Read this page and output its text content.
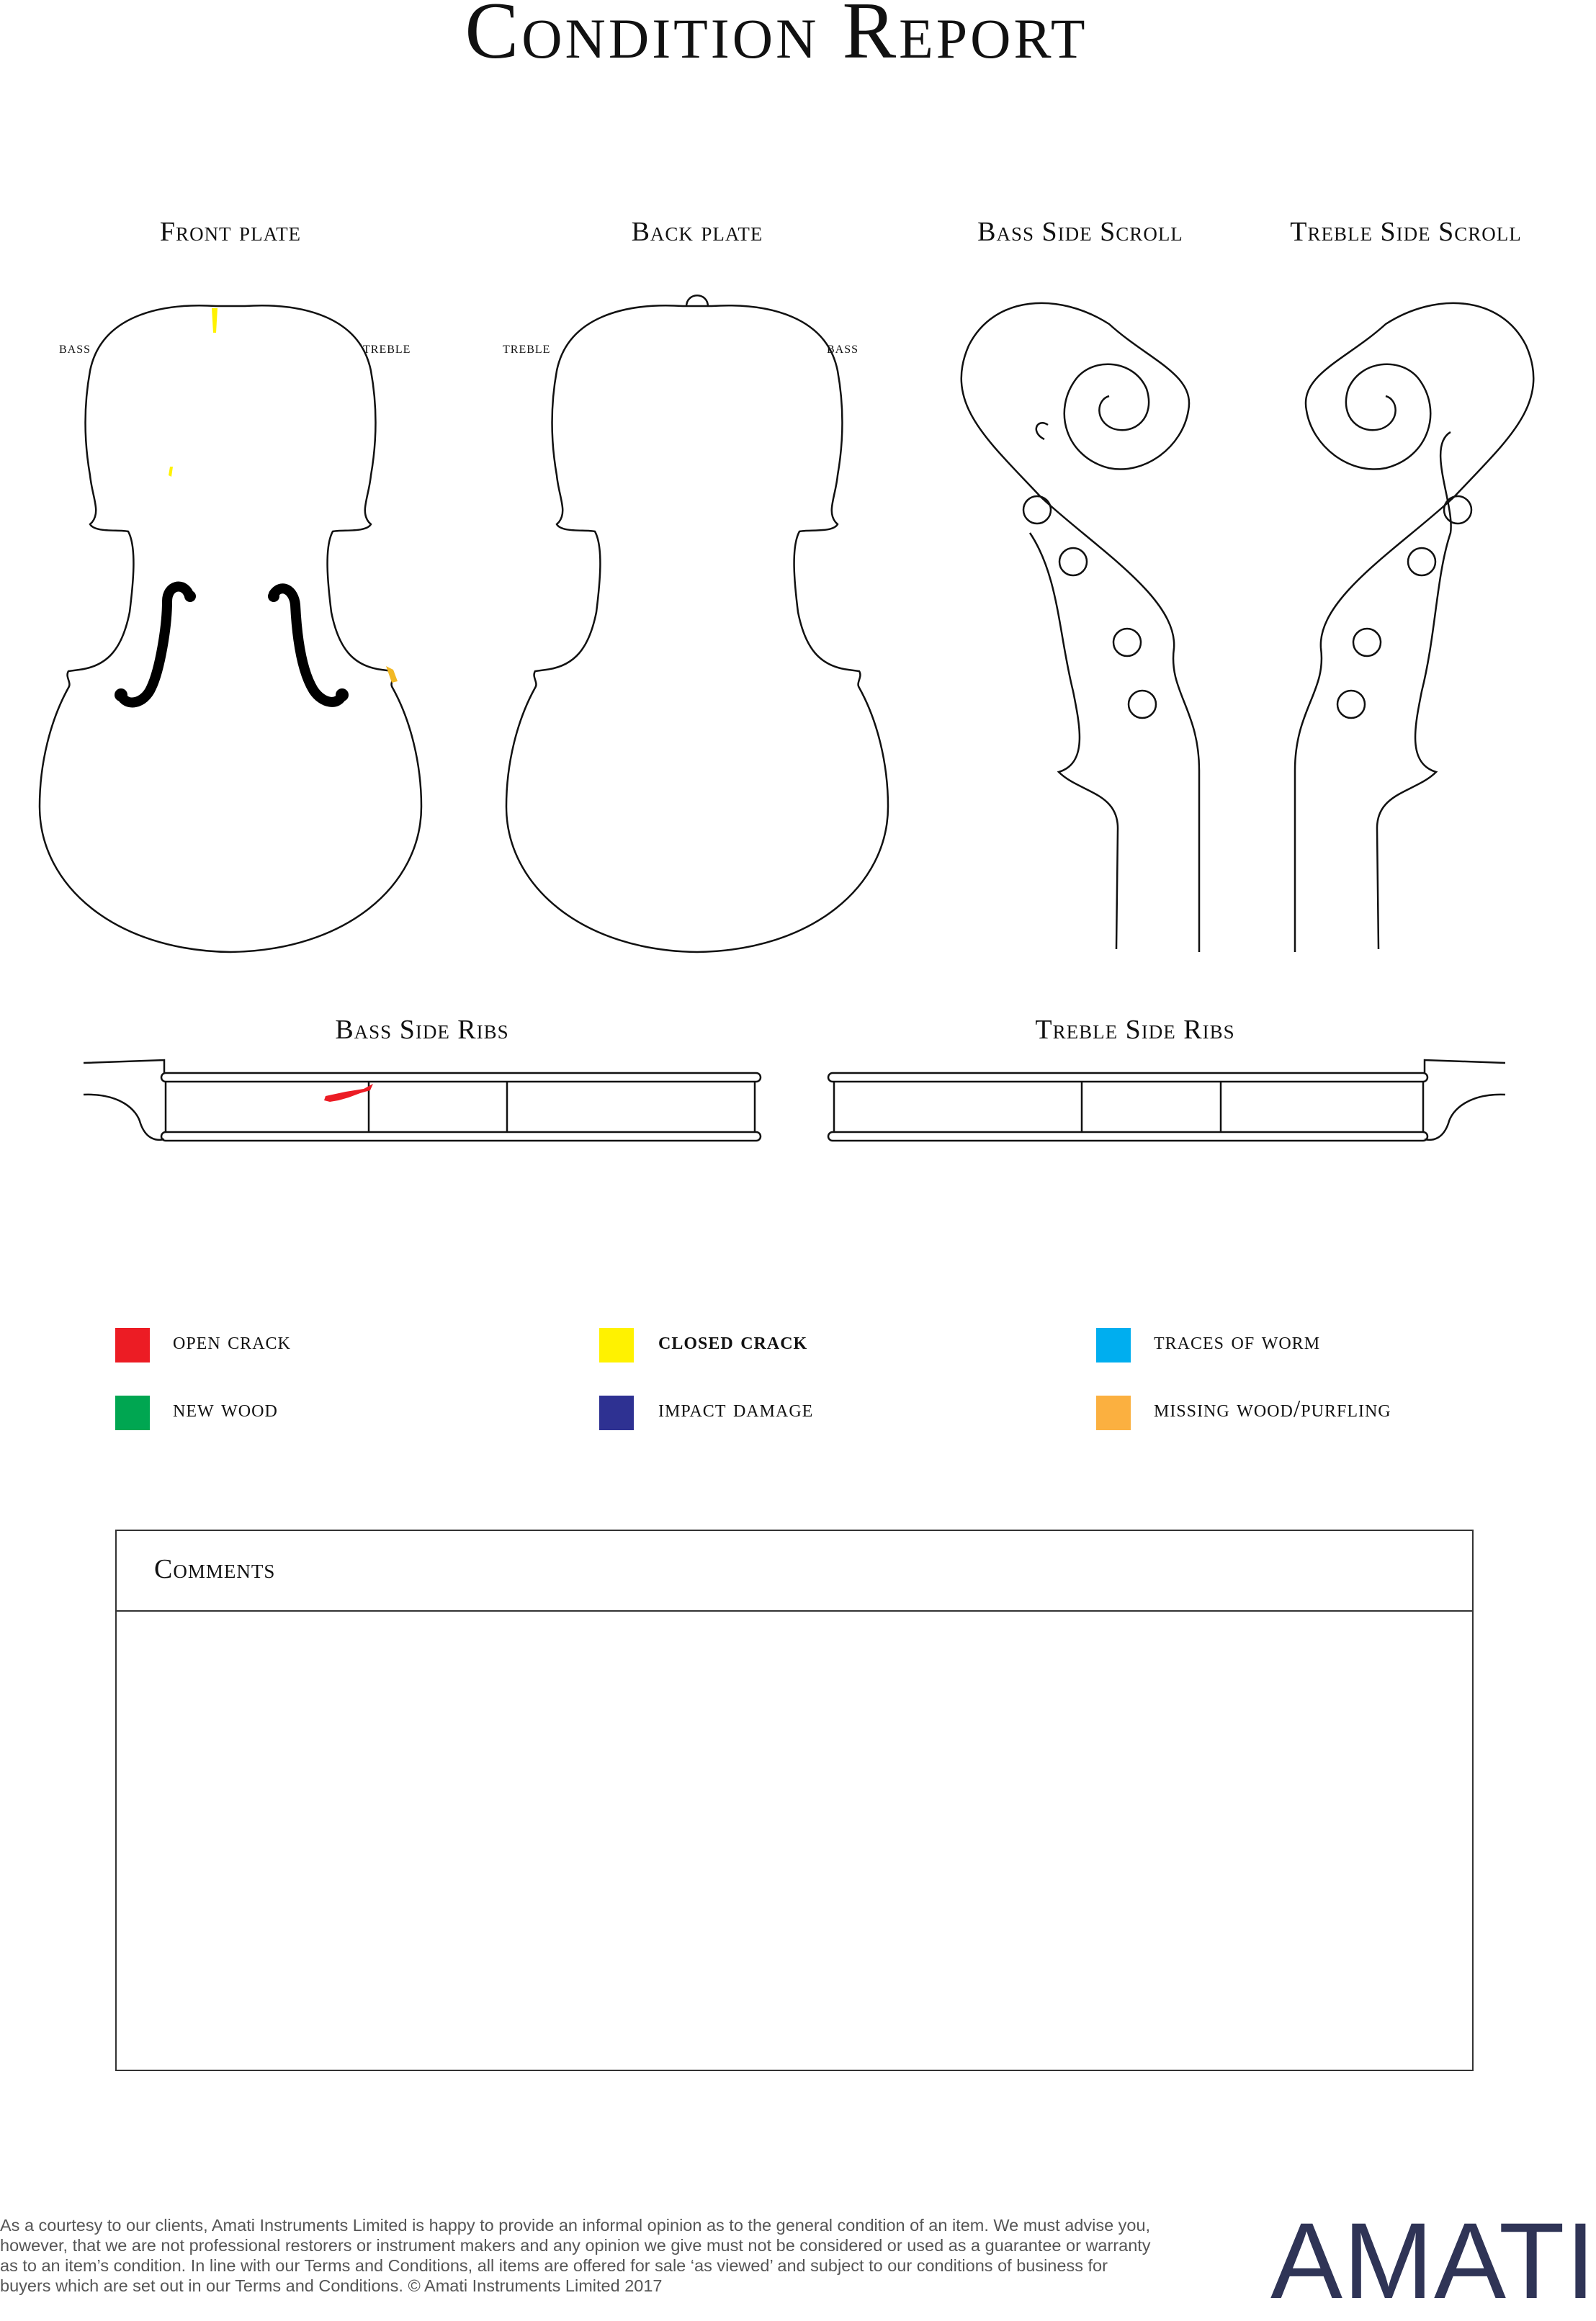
Condition Report
Front plate	Back plate	Bass Side Scroll	Treble Side Scroll
Bass Side Ribs	Treble Side Ribs
bass	treble	treble	bass
open crack	closed crack	traces of worm
new wood	impact damage	missing wood/purfling
Comments
As a courtesy to our clients, Amati Instruments Limited is happy to provide an informal opinion as to the general condition of an item. We must advise you, however, that we are not professional restorers or instrument makers and any opinion we give must not be considered or used as a guarantee or warranty as to an item’s condition. In line with our Terms and Conditions, all items are offered for sale ‘as viewed’ and subject to our conditions of business for buyers which are set out in our Terms and Conditions. © Amati Instruments Limited 2017	AMATI
